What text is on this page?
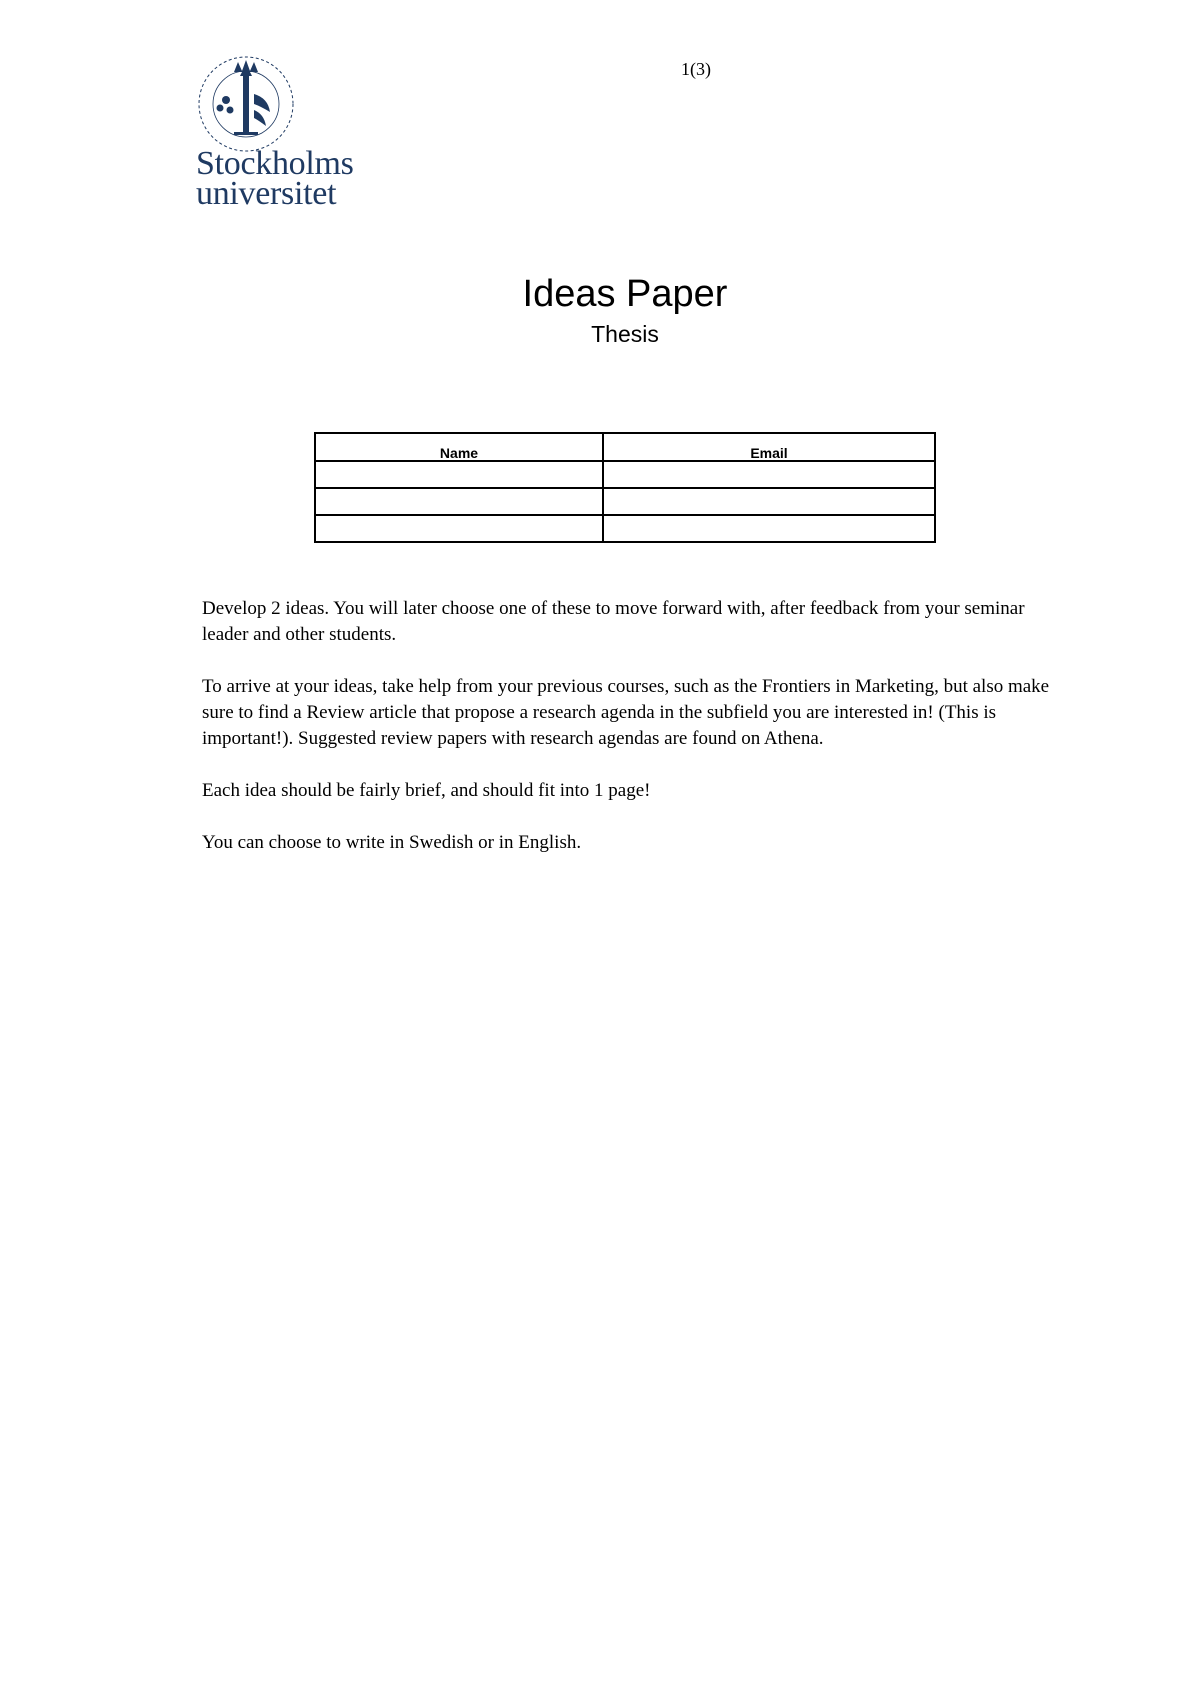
1(3)
Stockholms
universitet
Ideas Paper
Thesis
Name	Email

Develop 2 ideas. You will later choose one of these to move forward with, after feedback from your seminar leader and other students.

To arrive at your ideas, take help from your previous courses, such as the Frontiers in Marketing, but also make sure to find a Review article that propose a research agenda in the subfield you are interested in! (This is important!). Suggested review papers with research agendas are found on Athena.

Each idea should be fairly brief, and should fit into 1 page!

You can choose to write in Swedish or in English.
